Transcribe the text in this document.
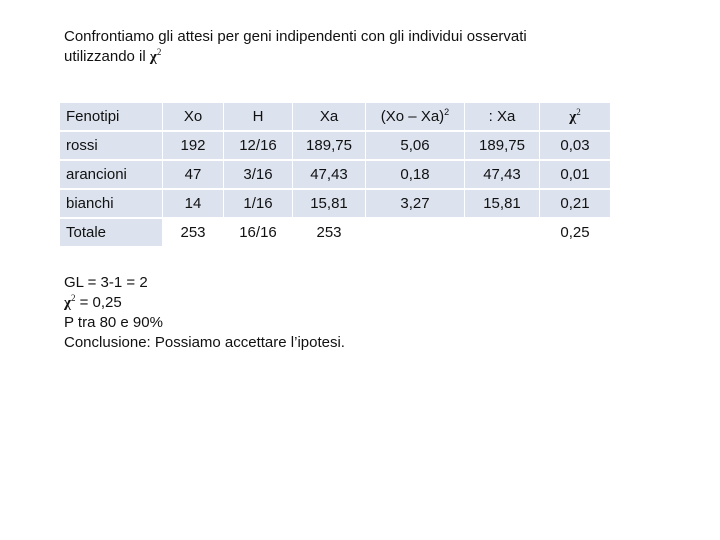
Confrontiamo gli attesi per geni indipendenti con gli individui osservati
utilizzando il $\chi^2$
Fenotipi	Xo	H	Xa	(Xo – Xa)$^2$	: Xa	$\chi^2$
rossi	192	12/16	189,75	5,06	189,75	0,03
arancioni	47	3/16	47,43	0,18	47,43	0,01
bianchi	14	1/16	15,81	3,27	15,81	0,21
Totale	253	16/16	253			0,25
GL = 3-1 = 2
$\chi^2 = 0,25$
P tra 80 e 90%
Conclusione: Possiamo accettare l’ipotesi.
